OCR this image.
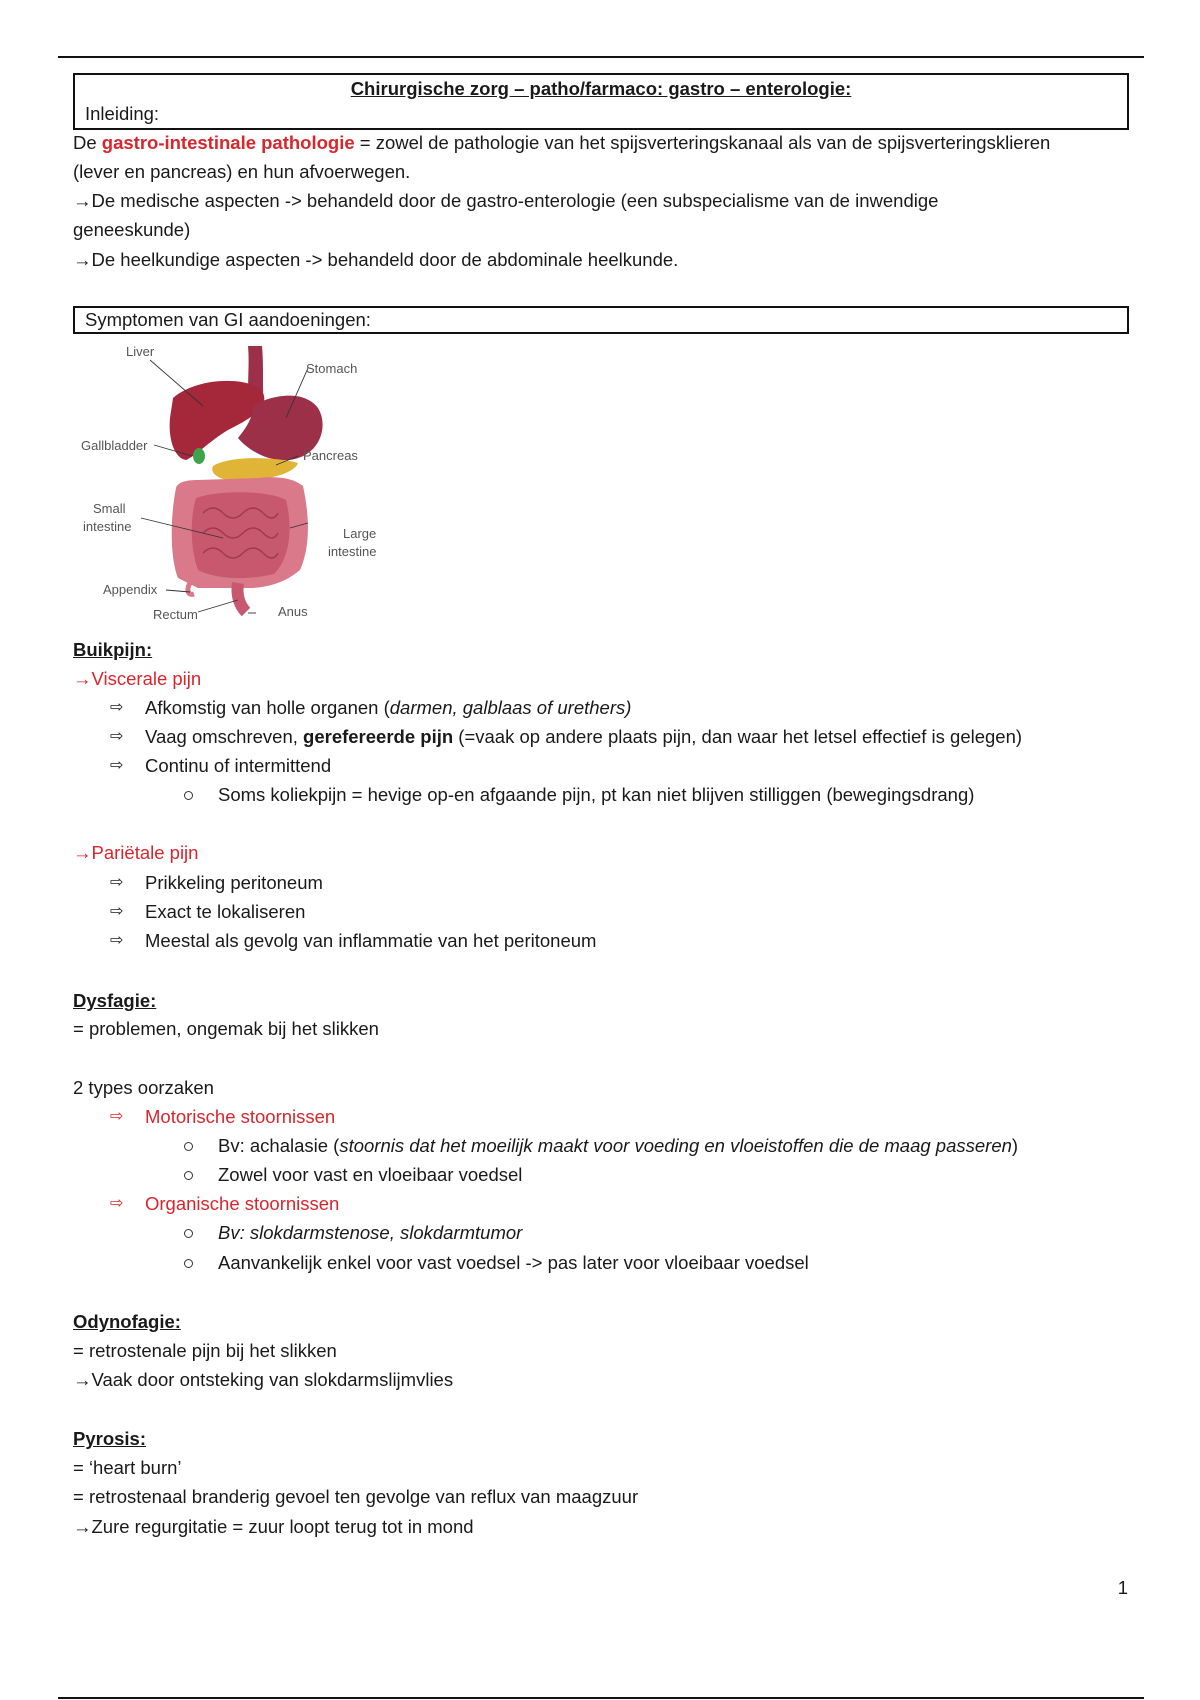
Chirurgische zorg – patho/farmaco: gastro – enterologie:
Inleiding:
De gastro-intestinale pathologie = zowel de pathologie van het spijsverteringskanaal als van de spijsverteringsklieren
(lever en pancreas) en hun afvoerwegen.
→De medische aspecten -> behandeld door de gastro-enterologie (een subspecialisme van de inwendige
geneeskunde)
→De heelkundige aspecten -> behandeld door de abdominale heelkunde.
Symptomen van GI aandoeningen:
Liver
Stomach
Gallbladder
Pancreas
Small
intestine	Large
intestine
Appendix
Rectum	Anus
Buikpijn:
→Viscerale pijn
⇨ Afkomstig van holle organen (darmen, galblaas of urethers)
⇨ Vaag omschreven, gerefereerde pijn (=vaak op andere plaats pijn, dan waar het letsel effectief is gelegen)
⇨ Continu of intermittend
Soms koliekpijn = hevige op-en afgaande pijn, pt kan niet blijven stilliggen (bewegingsdrang)
→Pariëtale pijn
⇨ Prikkeling peritoneum
⇨ Exact te lokaliseren
⇨ Meestal als gevolg van inflammatie van het peritoneum
Dysfagie:
= problemen, ongemak bij het slikken
2 types oorzaken
⇨ Motorische stoornissen
Bv: achalasie (stoornis dat het moeilijk maakt voor voeding en vloeistoffen die de maag passeren)
Zowel voor vast en vloeibaar voedsel
⇨ Organische stoornissen
Bv: slokdarmstenose, slokdarmtumor
Aanvankelijk enkel voor vast voedsel -> pas later voor vloeibaar voedsel
Odynofagie:
= retrostenale pijn bij het slikken
→Vaak door ontsteking van slokdarmslijmvlies
Pyrosis:
= ‘heart burn’
= retrostenaal branderig gevoel ten gevolge van reflux van maagzuur
→Zure regurgitatie = zuur loopt terug tot in mond
1
